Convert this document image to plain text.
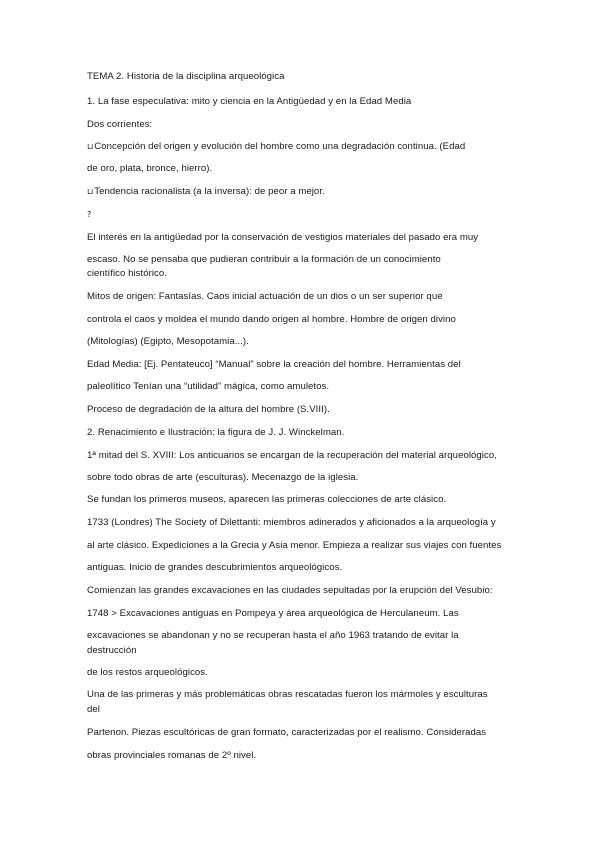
TEMA 2. Historia de la disciplina arqueológica
1. La fase especulativa: mito y ciencia en la Antigüedad y en la Edad Media
Dos corrientes:
⊔Concepción del origen y evolución del hombre como una degradación continua. (Edad
de oro, plata, bronce, hierro).
⊔Tendencia racionalista (a la inversa): de peor a mejor.
?
El interés en la antigüedad por la conservación de vestigios materiales del pasado era muy
escaso. No se pensaba que pudieran contribuir a la formación de un conocimiento
científico histórico.
Mitos de origen: Fantasías. Caos inicial actuación de un dios o un ser superior que
controla el caos y moldea el mundo dando origen al hombre. Hombre de origen divino
(Mitologías) (Egipto, Mesopotamia...).
Edad Media: [Ej. Pentateuco] “Manual” sobre la creación del hombre. Herramientas del
paleolítico Tenían una “utilidad” mágica, como amuletos.
Proceso de degradación de la altura del hombre (S.VIII).
2. Renacimiento e Ilustración: la figura de J. J. Winckelman.
1ª mitad del S. XVIII: Los anticuarios se encargan de la recuperación del material arqueológico,
sobre todo obras de arte (esculturas). Mecenazgo de la iglesia.
Se fundan los primeros museos, aparecen las primeras colecciones de arte clásico.
1733 (Londres) The Society of Dilettanti: miembros adinerados y aficionados a la arqueología y
al arte clásico. Expediciones a la Grecia y Asia menor. Empieza a realizar sus viajes con fuentes
antiguas. Inicio de grandes descubrimientos arqueológicos.
Comienzan las grandes excavaciones en las ciudades sepultadas por la erupción del Vesubio:
1748 > Excavaciones antiguas en Pompeya y área arqueológica de Herculaneum. Las
excavaciones se abandonan y no se recuperan hasta el año 1963 tratando de evitar la
destrucción
de los restos arqueológicos.
Una de las primeras y más problemáticas obras rescatadas fueron los mármoles y esculturas
del
Partenon. Piezas escultóricas de gran formato, caracterizadas por el realismo. Consideradas
obras provinciales romanas de 2º nivel.
